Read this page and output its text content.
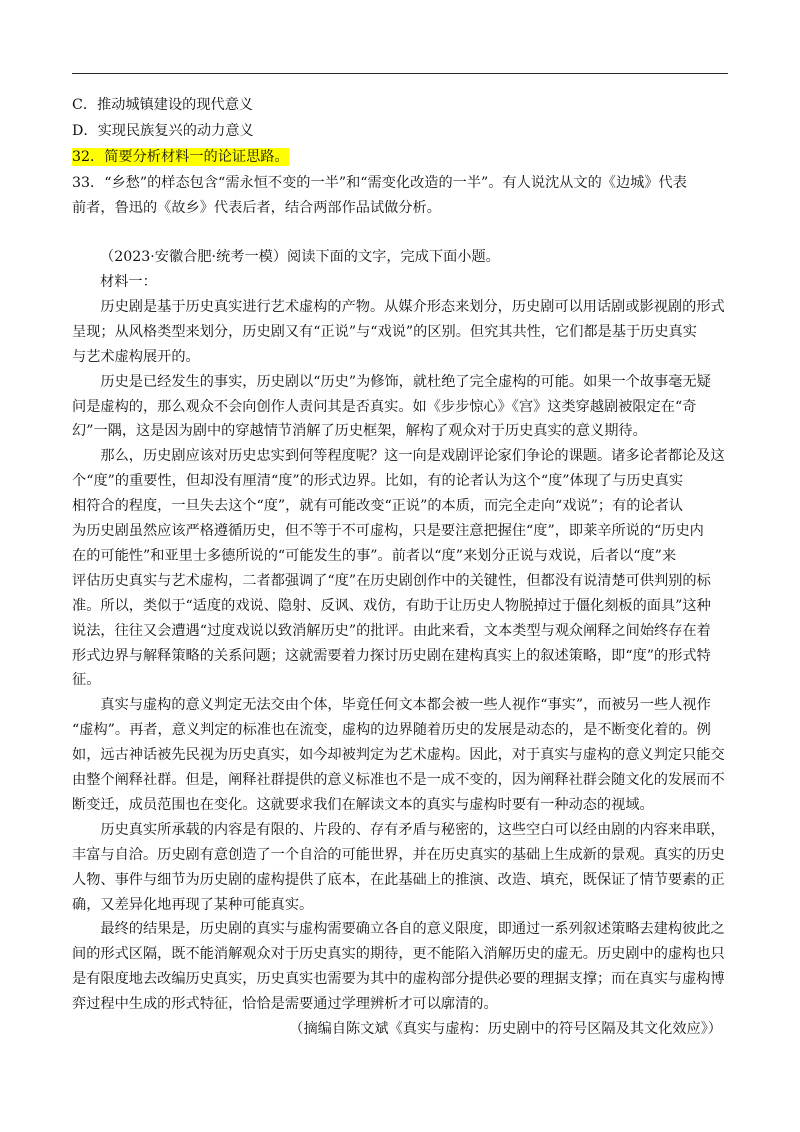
C．推动城镇建设的现代意义
D．实现民族复兴的动力意义
32．简要分析材料一的论证思路。
33．“乡愁”的样态包含“需永恒不变的一半”和“需变化改造的一半”。有人说沈从文的《边城》代表
前者，鲁迅的《故乡》代表后者，结合两部作品试做分析。
（2023·安徽合肥·统考一模）阅读下面的文字，完成下面小题。
材料一：
　　历史剧是基于历史真实进行艺术虚构的产物。从媒介形态来划分，历史剧可以用话剧或影视剧的形式
呈现；从风格类型来划分，历史剧又有“正说”与“戏说”的区别。但究其共性，它们都是基于历史真实
与艺术虚构展开的。
　　历史是已经发生的事实，历史剧以“历史”为修饰，就杜绝了完全虚构的可能。如果一个故事毫无疑
问是虚构的，那么观众不会向创作人责问其是否真实。如《步步惊心》《宫》这类穿越剧被限定在“奇
幻”一隅，这是因为剧中的穿越情节消解了历史框架，解构了观众对于历史真实的意义期待。
　　那么，历史剧应该对历史忠实到何等程度呢？这一向是戏剧评论家们争论的课题。诸多论者都论及这
个“度”的重要性，但却没有厘清“度”的形式边界。比如，有的论者认为这个“度”体现了与历史真实
相符合的程度，一旦失去这个“度”，就有可能改变“正说”的本质，而完全走向“戏说”；有的论者认
为历史剧虽然应该严格遵循历史，但不等于不可虚构，只是要注意把握住“度”，即莱辛所说的“历史内
在的可能性”和亚里士多德所说的“可能发生的事”。前者以“度”来划分正说与戏说，后者以“度”来
评估历史真实与艺术虚构，二者都强调了“度”在历史剧创作中的关键性，但都没有说清楚可供判别的标
准。所以，类似于“适度的戏说、隐射、反讽、戏仿，有助于让历史人物脱掉过于僵化刻板的面具”这种
说法，往往又会遭遇“过度戏说以致消解历史”的批评。由此来看，文本类型与观众阐释之间始终存在着
形式边界与解释策略的关系问题；这就需要着力探讨历史剧在建构真实上的叙述策略，即“度”的形式特
征。
　　真实与虚构的意义判定无法交由个体，毕竟任何文本都会被一些人视作“事实”，而被另一些人视作
“虚构”。再者，意义判定的标准也在流变，虚构的边界随着历史的发展是动态的，是不断变化着的。例
如，远古神话被先民视为历史真实，如今却被判定为艺术虚构。因此，对于真实与虚构的意义判定只能交
由整个阐释社群。但是，阐释社群提供的意义标准也不是一成不变的，因为阐释社群会随文化的发展而不
断变迁，成员范围也在变化。这就要求我们在解读文本的真实与虚构时要有一种动态的视域。
　　历史真实所承载的内容是有限的、片段的、存有矛盾与秘密的，这些空白可以经由剧的内容来串联，
丰富与自洽。历史剧有意创造了一个自洽的可能世界，并在历史真实的基础上生成新的景观。真实的历史
人物、事件与细节为历史剧的虚构提供了底本，在此基础上的推演、改造、填充，既保证了情节要素的正
确，又差异化地再现了某种可能真实。
　　最终的结果是，历史剧的真实与虚构需要确立各自的意义限度，即通过一系列叙述策略去建构彼此之
间的形式区隔，既不能消解观众对于历史真实的期待，更不能陷入消解历史的虚无。历史剧中的虚构也只
是有限度地去改编历史真实，历史真实也需要为其中的虚构部分提供必要的理据支撑；而在真实与虚构博
弈过程中生成的形式特征，恰恰是需要通过学理辨析才可以廓清的。
（摘编自陈文斌《真实与虚构：历史剧中的符号区隔及其文化效应》）
